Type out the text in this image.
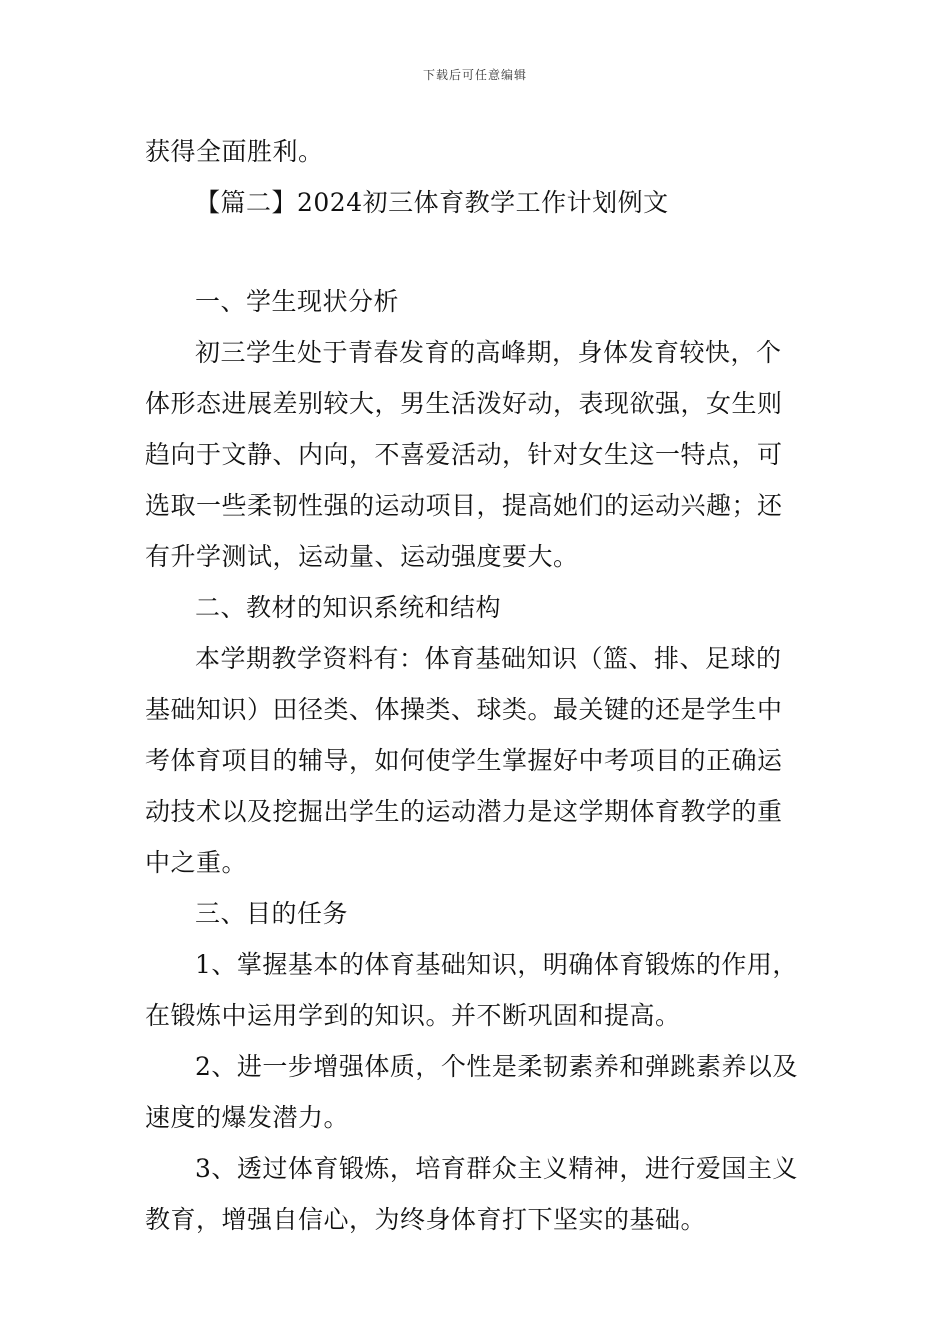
下载后可任意编辑
获得全面胜利。
【篇二】2024初三体育教学工作计划例文
一、学生现状分析
初三学生处于青春发育的高峰期，身体发育较快，个
体形态进展差别较大，男生活泼好动，表现欲强，女生则
趋向于文静、内向，不喜爱活动，针对女生这一特点，可
选取一些柔韧性强的运动项目，提高她们的运动兴趣；还
有升学测试，运动量、运动强度要大。
二、教材的知识系统和结构
本学期教学资料有：体育基础知识（篮、排、足球的
基础知识）田径类、体操类、球类。最关键的还是学生中
考体育项目的辅导，如何使学生掌握好中考项目的正确运
动技术以及挖掘出学生的运动潜力是这学期体育教学的重
中之重。
三、目的任务
1、掌握基本的体育基础知识，明确体育锻炼的作用，
在锻炼中运用学到的知识。并不断巩固和提高。
2、进一步增强体质，个性是柔韧素养和弹跳素养以及
速度的爆发潜力。
3、透过体育锻炼，培育群众主义精神，进行爱国主义
教育，增强自信心，为终身体育打下坚实的基础。
